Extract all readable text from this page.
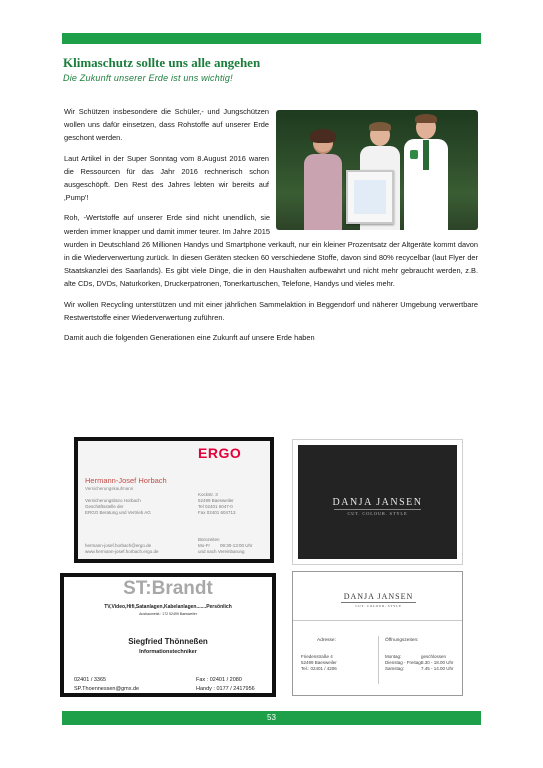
Klimaschutz sollte uns alle angehen
Die Zukunft unserer Erde ist uns wichtig!

Wir Schützen insbesondere die Schüler,- und Jungschützen wollen uns dafür einsetzen, dass Rohstoffe auf unserer Erde geschont werden.

Laut Artikel in der Super Sonntag vom 8.August 2016 waren die Ressourcen für das Jahr 2016 rechnerisch schon ausgeschöpft. Den Rest des Jahres lebten wir bereits auf ‚Pump'!

Roh, -Wertstoffe auf unserer Erde sind nicht unendlich, sie werden immer knapper und damit immer teurer. Im Jahre 2015 wurden in Deutschland 26 Millionen Handys und Smartphone verkauft, nur ein kleiner Prozentsatz der Altgeräte kommt davon in die Wiederverwertung zurück. In diesen Geräten stecken 60 verschiedene Stoffe, davon sind 80% recycelbar (laut Flyer der Staatskanzlei des Saarlands). Es gibt viele Dinge, die in den Haushalten aufbewahrt und nicht mehr gebraucht werden, z.B. alte CDs, DVDs, Naturkorken, Druckerpatronen, Tonerkartuschen, Telefone, Handys und vieles mehr.

Wir wollen Recycling unterstützen und mit einer jährlichen Sammelaktion in Beggendorf und näherer Umgebung verwertbare Restwertstoffe einer Wiederverwertung zuführen.

Damit auch die folgenden Generationen eine Zukunft auf unsere Erde haben

ERGO
Hermann-Josef Horbach
Versicherungskaufmann
Versicherungsbüro Horbach
Geschäftsstelle der
ERGO Beratung und Vertrieb AG
Kockstr. 3
52499 Baesweiler
Tel 02401 6047-0
Fax 02401 604713
hermann-josef.horbach@ergo.de
www.hermann-josef.horbach.ergo.de
Bürozeiten
Mo-Fr        09:30-13:00 Uhr
und nach Vereinbarung
DANJA JANSEN
CUT. COLOUR. STYLE
ST:Brandt
TV,Video,Hifi,Satanlagen,Kabelanlagen.......Persönlich
Ausbaumeist.: 172 52499 Baesweiler
Siegfried Thönneßen
Informationstechniker
02401 / 3365	Fax : 02401 / 2080
SP.Thoennessen@gmx.de	Handy : 0177 / 2417956
DANJA JANSEN
CUT. COLOUR. STYLE
Adresse:
Friedenstraße 4
52499 Baesweiler
Tel.: 02401 / 4206
Öffnungszeiten:
Montag:
Dienstag - Freitag:
Samstag:
geschlossen
8.30 - 18.00 Uhr
7.45 - 14.00 Uhr
53
